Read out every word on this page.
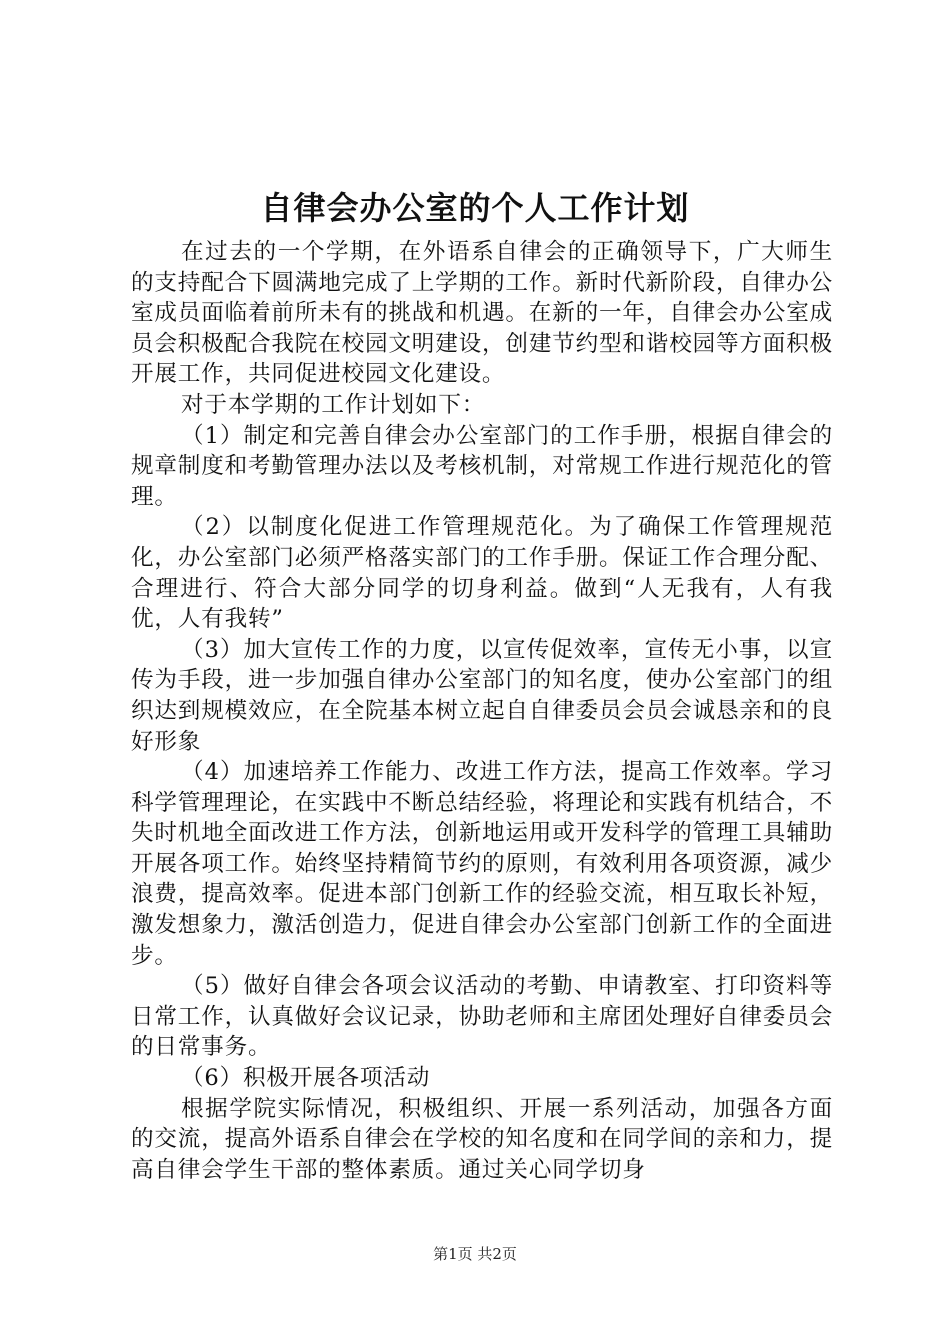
自律会办公室的个人工作计划

在过去的一个学期，在外语系自律会的正确领导下，广大师生的支持配合下圆满地完成了上学期的工作。新时代新阶段，自律办公室成员面临着前所未有的挑战和机遇。在新的一年，自律会办公室成员会积极配合我院在校园文明建设，创建节约型和谐校园等方面积极开展工作，共同促进校园文化建设。

对于本学期的工作计划如下：

（1）制定和完善自律会办公室部门的工作手册，根据自律会的规章制度和考勤管理办法以及考核机制，对常规工作进行规范化的管理。

（2）以制度化促进工作管理规范化。为了确保工作管理规范化，办公室部门必须严格落实部门的工作手册。保证工作合理分配、合理进行、符合大部分同学的切身利益。做到“人无我有，人有我优，人有我转”

（3）加大宣传工作的力度，以宣传促效率，宣传无小事，以宣传为手段，进一步加强自律办公室部门的知名度，使办公室部门的组织达到规模效应，在全院基本树立起自自律委员会员会诚恳亲和的良好形象

（4）加速培养工作能力、改进工作方法，提高工作效率。学习科学管理理论，在实践中不断总结经验，将理论和实践有机结合，不失时机地全面改进工作方法，创新地运用或开发科学的管理工具辅助开展各项工作。始终坚持精简节约的原则，有效利用各项资源，减少浪费，提高效率。促进本部门创新工作的经验交流，相互取长补短，激发想象力，激活创造力，促进自律会办公室部门创新工作的全面进步。

（5）做好自律会各项会议活动的考勤、申请教室、打印资料等日常工作，认真做好会议记录，协助老师和主席团处理好自律委员会的日常事务。

（6）积极开展各项活动

根据学院实际情况，积极组织、开展一系列活动，加强各方面的交流，提高外语系自律会在学校的知名度和在同学间的亲和力，提高自律会学生干部的整体素质。通过关心同学切身

第1页 共2页
